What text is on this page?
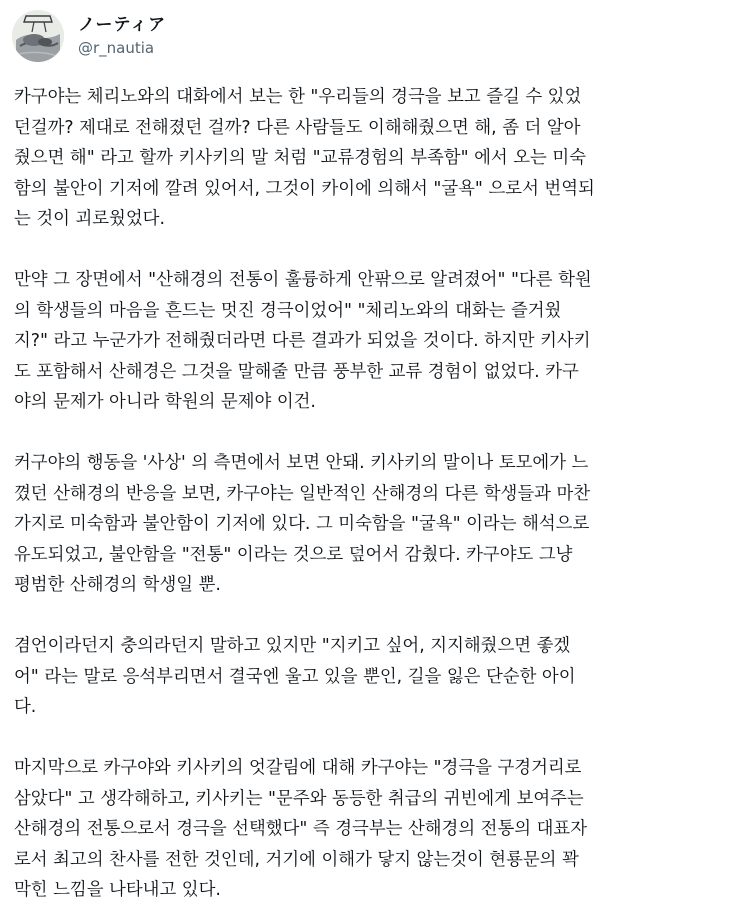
ノーティア
@r_nautia

카구야는 체리노와의 대화에서 보는 한 "우리들의 경극을 보고 즐길 수 있었
던걸까? 제대로 전해졌던 걸까? 다른 사람들도 이해해줬으면 해, 좀 더 알아
줬으면 해" 라고 할까 키사키의 말 처럼 "교류경험의 부족함" 에서 오는 미숙
함의 불안이 기저에 깔려 있어서, 그것이 카이에 의해서 "굴욕" 으로서 번역되
는 것이 괴로웠었다.

만약 그 장면에서 "산해경의 전통이 훌륭하게 안팎으로 알려졌어" "다른 학원
의 학생들의 마음을 흔드는 멋진 경극이었어" "체리노와의 대화는 즐거웠
지?" 라고 누군가가 전해줬더라면 다른 결과가 되었을 것이다. 하지만 키사키
도 포함해서 산해경은 그것을 말해줄 만큼 풍부한 교류 경험이 없었다. 카구
야의 문제가 아니라 학원의 문제야 이건.

커구야의 행동을 '사상' 의 측면에서 보면 안돼. 키사키의 말이나 토모에가 느
꼈던 산해경의 반응을 보면, 카구야는 일반적인 산해경의 다른 학생들과 마찬
가지로 미숙함과 불안함이 기저에 있다. 그 미숙함을 "굴욕" 이라는 해석으로
유도되었고, 불안함을 "전통" 이라는 것으로 덮어서 감췄다. 카구야도 그냥
평범한 산해경의 학생일 뿐.

겸언이라던지 충의라던지 말하고 있지만 "지키고 싶어, 지지해줬으면 좋겠
어" 라는 말로 응석부리면서 결국엔 울고 있을 뿐인, 길을 잃은 단순한 아이
다.

마지막으로 카구야와 키사키의 엇갈림에 대해 카구야는 "경극을 구경거리로
삼았다" 고 생각해하고, 키사키는 "문주와 동등한 취급의 귀빈에게 보여주는
산해경의 전통으로서 경극을 선택했다" 즉 경극부는 산해경의 전통의 대표자
로서 최고의 찬사를 전한 것인데, 거기에 이해가 닿지 않는것이 현룡문의 꽉
막힌 느낌을 나타내고 있다.
